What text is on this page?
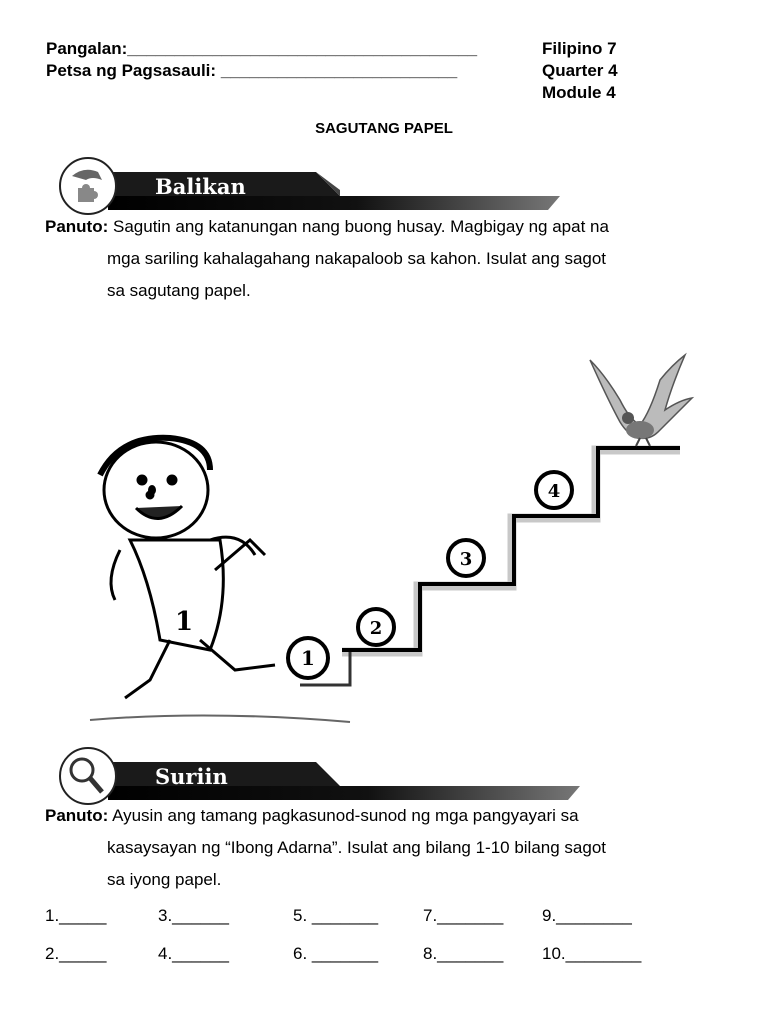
Pangalan:_____________________________________
Petsa ng Pagsasauli: _________________________
Filipino 7
Quarter 4
Module 4
SAGUTANG PAPEL
Balikan
Panuto: Sagutin ang katanungan nang buong husay. Magbigay ng apat na
mga sariling kahalagahang nakapaloob sa kahon. Isulat ang sagot
sa sagutang papel.
1
2
3
4
1
Suriin
Panuto: Ayusin ang tamang pagkasunod-sunod ng mga pangyayari sa
kasaysayan ng “Ibong Adarna”. Isulat ang bilang 1-10 bilang sagot
sa iyong papel.
1._____	3.______	5. _______	7._______ 9.________
2._____	4.______	6. _______	8._______ 10.________
